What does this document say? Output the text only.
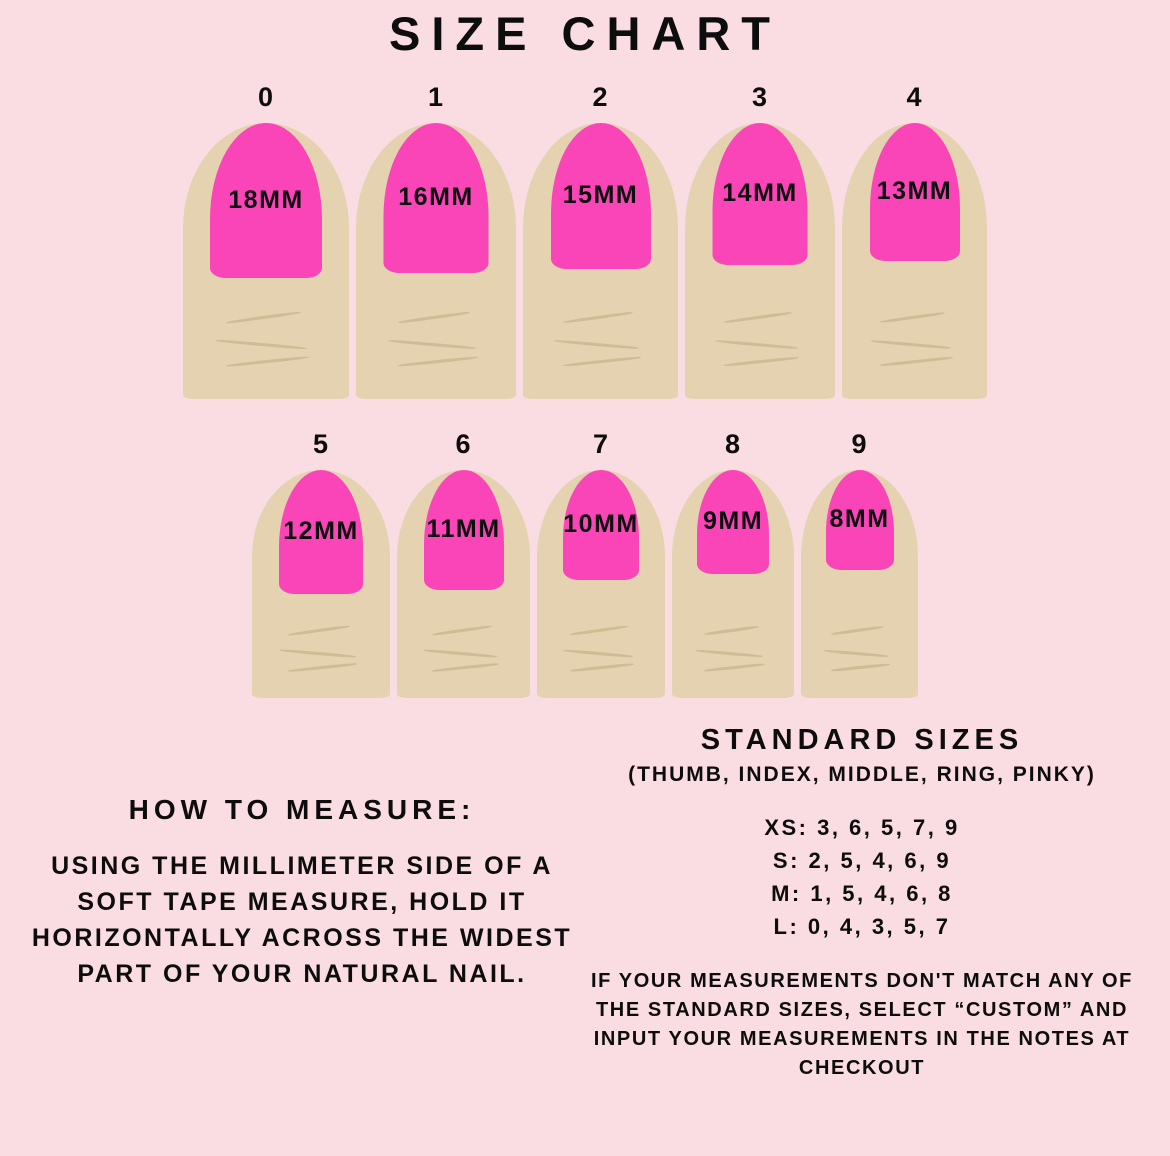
SIZE CHART
0
18MM
1
16MM
2
15MM
3
14MM
4
13MM
5
12MM
6
11MM
7
10MM
8
9MM
9
8MM
HOW TO MEASURE:
USING THE MILLIMETER SIDE OF A SOFT TAPE MEASURE, HOLD IT HORIZONTALLY ACROSS THE WIDEST PART OF YOUR NATURAL NAIL.
STANDARD SIZES
(THUMB, INDEX, MIDDLE, RING, PINKY)
XS: 3, 6, 5, 7, 9
S: 2, 5, 4, 6, 9
M: 1, 5, 4, 6, 8
L: 0, 4, 3, 5, 7
IF YOUR MEASUREMENTS DON'T MATCH ANY OF THE STANDARD SIZES, SELECT “CUSTOM” AND INPUT YOUR MEASUREMENTS IN THE NOTES AT CHECKOUT
